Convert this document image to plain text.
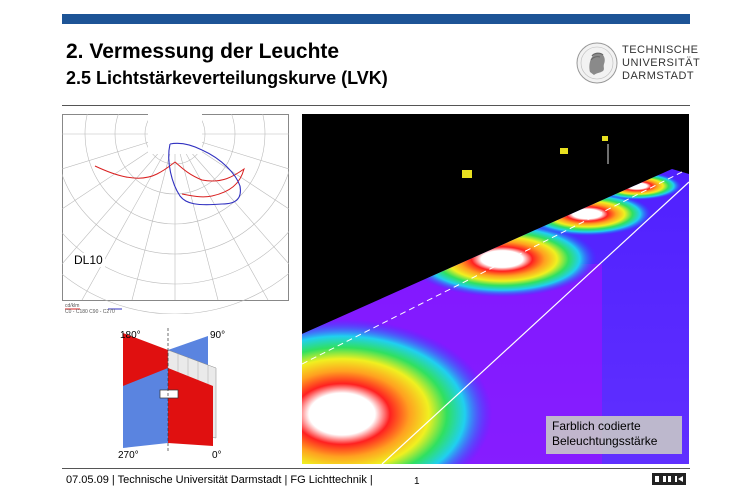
2. Vermessung der Leuchte
2.5 Lichtstärkeverteilungskurve (LVK)
TECHNISCHE
UNIVERSITÄT
DARMSTADT
DL10
cd/klm
C0 - C180 C90 - C270
180°	90°
270°	0°
Farblich codierte
Beleuchtungsstärke
07.05.09 | Technische Universität Darmstadt | FG Lichttechnik |	1
